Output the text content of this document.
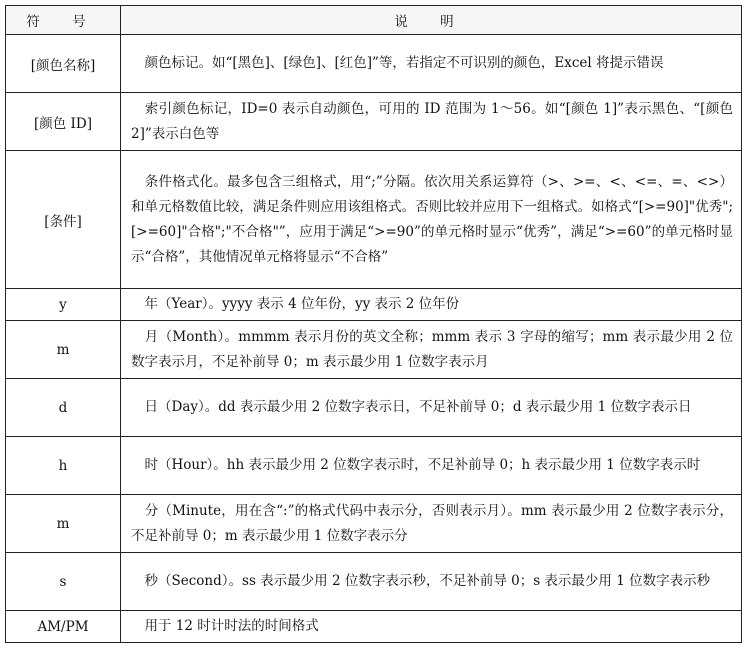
符 号	说 明
[颜色名称]	　颜色标记。如“[黑色]、[绿色]、[红色]”等，若指定不可识别的颜色，Excel 将提示错误
[颜色 ID]	　索引颜色标记，ID=0 表示自动颜色，可用的 ID 范围为 1～56。如“[颜色 1]”表示黑色、“[颜色 2]”表示白色等
[条件]	　条件格式化。最多包含三组格式，用“;”分隔。依次用关系运算符（>、>=、<、<=、=、<>）和单元格数值比较，满足条件则应用该组格式。否则比较并应用下一组格式。如格式“[>=90]"优秀";[>=60]"合格";"不合格"”，应用于满足“>=90”的单元格时显示“优秀”，满足“>=60”的单元格时显示“合格”，其他情况单元格将显示“不合格”
y	　年（Year）。yyyy 表示 4 位年份，yy 表示 2 位年份
m	　月（Month）。mmmm 表示月份的英文全称；mmm 表示 3 字母的缩写；mm 表示最少用 2 位数字表示月，不足补前导 0；m 表示最少用 1 位数字表示月
d	　日（Day）。dd 表示最少用 2 位数字表示日，不足补前导 0；d 表示最少用 1 位数字表示日
h	　时（Hour）。hh 表示最少用 2 位数字表示时，不足补前导 0；h 表示最少用 1 位数字表示时
m	　分（Minute，用在含“:”的格式代码中表示分，否则表示月）。mm 表示最少用 2 位数字表示分，不足补前导 0；m 表示最少用 1 位数字表示分
s	　秒（Second）。ss 表示最少用 2 位数字表示秒，不足补前导 0；s 表示最少用 1 位数字表示秒
AM/PM	　用于 12 时计时法的时间格式
